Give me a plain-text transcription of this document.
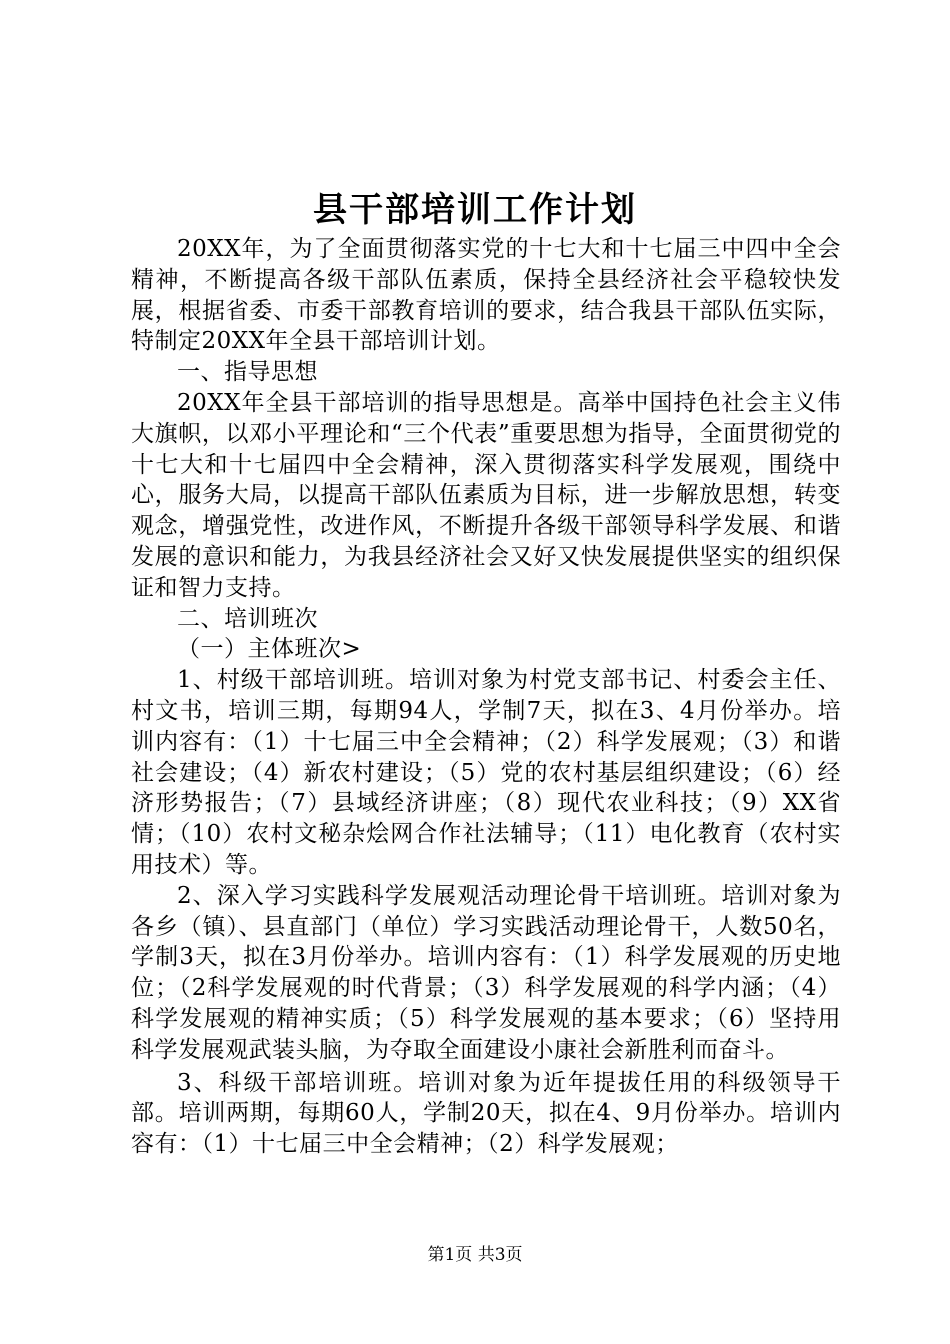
县干部培训工作计划

20XX年，为了全面贯彻落实党的十七大和十七届三中四中全会精神，不断提高各级干部队伍素质，保持全县经济社会平稳较快发展，根据省委、市委干部教育培训的要求，结合我县干部队伍实际，特制定20XX年全县干部培训计划。

一、指导思想

20XX年全县干部培训的指导思想是。高举中国持色社会主义伟大旗帜，以邓小平理论和“三个代表”重要思想为指导，全面贯彻党的十七大和十七届四中全会精神，深入贯彻落实科学发展观，围绕中心，服务大局，以提高干部队伍素质为目标，进一步解放思想，转变观念，增强党性，改进作风，不断提升各级干部领导科学发展、和谐发展的意识和能力，为我县经济社会又好又快发展提供坚实的组织保证和智力支持。

二、培训班次

（一）主体班次>

1、村级干部培训班。培训对象为村党支部书记、村委会主任、村文书，培训三期，每期94人，学制7天，拟在3、4月份举办。培训内容有：（1）十七届三中全会精神；（2）科学发展观；（3）和谐社会建设；（4）新农村建设；（5）党的农村基层组织建设；（6）经济形势报告；（7）县域经济讲座；（8）现代农业科技；（9）XX省情；（10）农村文秘杂烩网合作社法辅导；（11）电化教育（农村实用技术）等。

2、深入学习实践科学发展观活动理论骨干培训班。培训对象为各乡（镇）、县直部门（单位）学习实践活动理论骨干，人数50名，学制3天，拟在3月份举办。培训内容有：（1）科学发展观的历史地位；（2科学发展观的时代背景；（3）科学发展观的科学内涵；（4）科学发展观的精神实质；（5）科学发展观的基本要求；（6）坚持用科学发展观武装头脑，为夺取全面建设小康社会新胜利而奋斗。

3、科级干部培训班。培训对象为近年提拔任用的科级领导干部。培训两期，每期60人，学制20天，拟在4、9月份举办。培训内容有：（1）十七届三中全会精神；（2）科学发展观；

第1页 共3页
